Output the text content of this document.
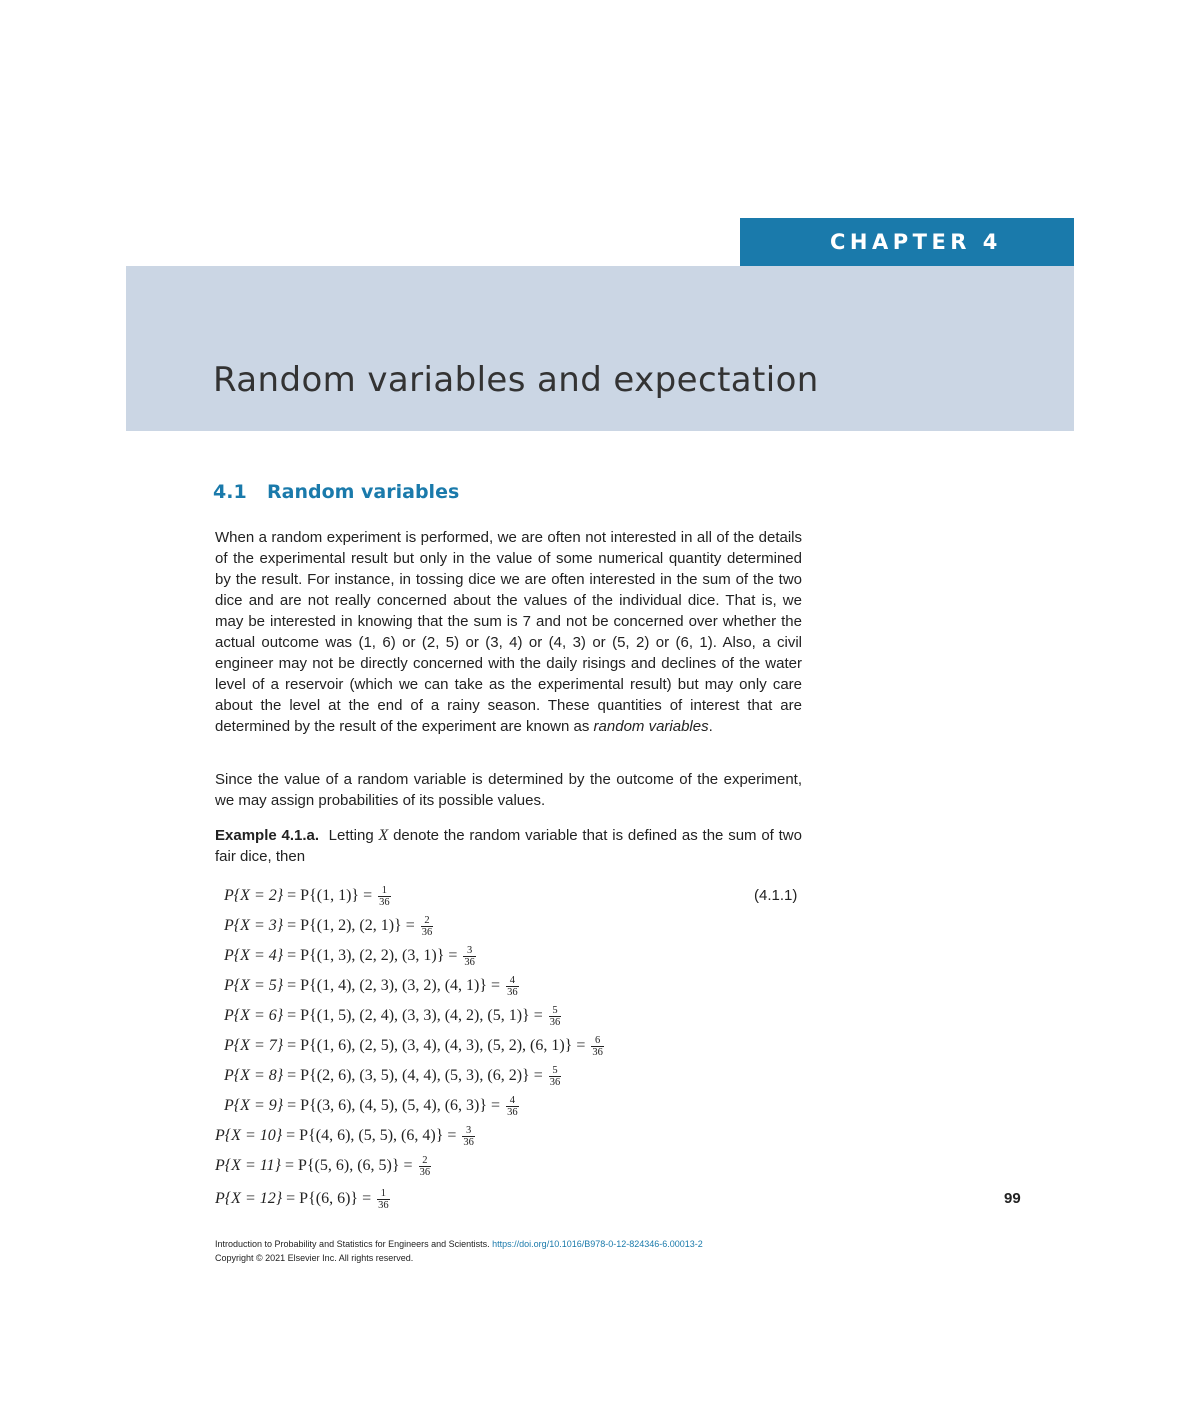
CHAPTER 4
Random variables and expectation
4.1 Random variables

When a random experiment is performed, we are often not interested in all of the details of the experimental result but only in the value of some numerical quantity determined by the result. For instance, in tossing dice we are often interested in the sum of the two dice and are not really concerned about the values of the individual dice. That is, we may be interested in knowing that the sum is 7 and not be concerned over whether the actual outcome was (1, 6) or (2, 5) or (3, 4) or (4, 3) or (5, 2) or (6, 1). Also, a civil engineer may not be directly concerned with the daily risings and declines of the water level of a reservoir (which we can take as the experimental result) but may only care about the level at the end of a rainy season. These quantities of interest that are determined by the result of the experiment are known as random variables.

Since the value of a random variable is determined by the outcome of the experiment, we may assign probabilities of its possible values.

Example 4.1.a. Letting X denote the random variable that is defined as the sum of two fair dice, then

P{X = 2} = P{(1, $1)\} = \frac{1}{36}$	(4.1.1)
P{X = 3} = P{(1, 2), (2, $1)\} = \frac{2}{36}$
P{X = 4} = P{(1, 3), (2, 2), (3, $1)\} = \frac{3}{36}$
P{X = 5} = P{(1, 4), (2, 3), (3, 2), (4, $1)\} = \frac{4}{36}$
P{X = 6} = P{(1, 5), (2, 4), (3, 3), (4, 2), (5, $1)\} = \frac{5}{36}$
P{X = 7} = P{(1, 6), (2, 5), (3, 4), (4, 3), (5, 2), (6, $1)\} = \frac{6}{36}$
P{X = 8} = P{(2, 6), (3, 5), (4, 4), (5, 3), (6, $2)\} = \frac{5}{36}$
P{X = 9} = P{(3, 6), (4, 5), (5, 4), (6, $3)\} = \frac{4}{36}$
P{X = 10} = P{(4, 6), (5, 5), (6, $4)\} = \frac{3}{36}$
P{X = 11} = P{(5, 6), (6, $5)\} = \frac{2}{36}$
P{X = 12} = P{(6, $6)\} = \frac{1}{36}$	99
Introduction to Probability and Statistics for Engineers and Scientists. https://doi.org/10.1016/B978-0-12-824346-6.00013-2
Copyright © 2021 Elsevier Inc. All rights reserved.
